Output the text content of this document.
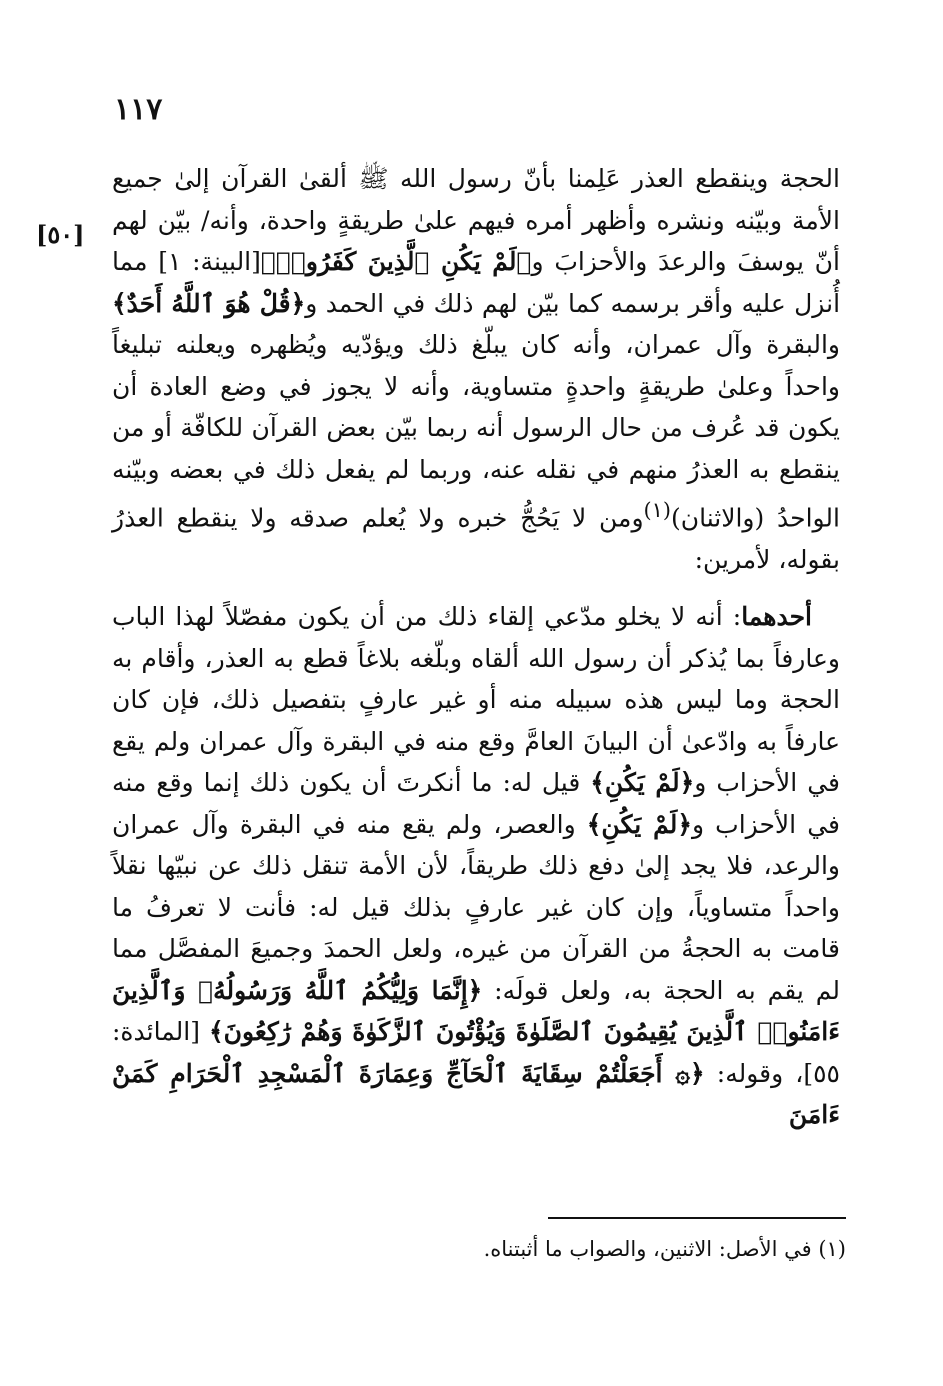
١١٧
[٥٠]

الحجة وينقطع العذر عَلِمنا بأنّ رسول الله ﷺ ألقىٰ القرآن إلىٰ جميع الأمة وبيّنه ونشره وأظهر أمره فيهم علىٰ طريقةٍ واحدة، وأنه/ بيّن لهم أنّ يوسفَ والرعدَ والأحزابَ و﴿لَمْ يَكُنِ ٱلَّذِينَ كَفَرُوا۟﴾[البينة: ١] مما أُنزل عليه وأقر برسمه كما بيّن لهم ذلك في الحمد و﴿قُلْ هُوَ ٱللَّهُ أَحَدٌ﴾ والبقرة وآل عمران، وأنه كان يبلّغ ذلك ويؤدّيه ويُظهره ويعلنه تبليغاً واحداً وعلىٰ طريقةٍ واحدةٍ متساوية، وأنه لا يجوز في وضع العادة أن يكون قد عُرف من حال الرسول أنه ربما بيّن بعض القرآن للكافّة أو من ينقطع به العذرُ منهم في نقله عنه، وربما لم يفعل ذلك في بعضه وبيّنه الواحدُ (والاثنان)$^{(١)}$ومن لا يَحُجُّ خبره ولا يُعلم صدقه ولا ينقطع العذرُ بقوله، لأمرين:

أحدهما: أنه لا يخلو مدّعي إلقاء ذلك من أن يكون مفصّلاً لهذا الباب وعارفاً بما يُذكر أن رسول الله ألقاه وبلّغه بلاغاً قطع به العذر، وأقام به الحجة وما ليس هذه سبيله منه أو غير عارفٍ بتفصيل ذلك، فإن كان عارفاً به وادّعىٰ أن البيانَ العامَّ وقع منه في البقرة وآل عمران ولم يقع في الأحزاب و﴿لَمْ يَكُنِ﴾ قيل له: ما أنكرتَ أن يكون ذلك إنما وقع منه في الأحزاب و﴿لَمْ يَكُنِ﴾ والعصر، ولم يقع منه في البقرة وآل عمران والرعد، فلا يجد إلىٰ دفع ذلك طريقاً، لأن الأمة تنقل ذلك عن نبيّها نقلاً واحداً متساوياً، وإن كان غير عارفٍ بذلك قيل له: فأنت لا تعرفُ ما قامت به الحجةُ من القرآن من غيره، ولعل الحمدَ وجميعَ المفصَّل مما لم يقم به الحجة به، ولعل قولَه: ﴿إِنَّمَا وَلِيُّكُمُ ٱللَّهُ وَرَسُولُهُۥ وَٱلَّذِينَ ءَامَنُوا۟ ٱلَّذِينَ يُقِيمُونَ ٱلصَّلَوٰةَ وَيُؤْتُونَ ٱلزَّكَوٰةَ وَهُمْ رَٰكِعُونَ﴾ [المائدة: ٥٥]، وقوله: ﴿۞ أَجَعَلْتُمْ سِقَايَةَ ٱلْحَآجِّ وَعِمَارَةَ ٱلْمَسْجِدِ ٱلْحَرَامِ كَمَنْ ءَامَنَ

(١) في الأصل: الاثنين، والصواب ما أثبتناه.
